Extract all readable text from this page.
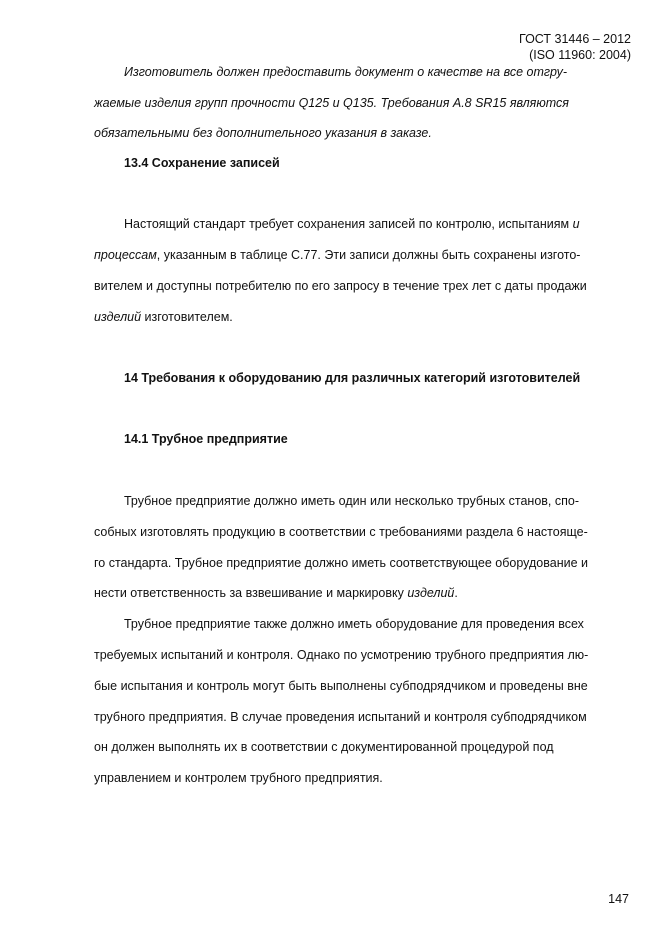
ГОСТ 31446 – 2012
(ISO 11960: 2004)
Изготовитель должен предоставить документ о качестве на все отгру-
жаемые изделия групп прочности Q125 и Q135. Требования A.8 SR15 являются
обязательными без дополнительного указания в заказе.
13.4 Сохранение записей
Настоящий стандарт требует сохранения записей по контролю, испытаниям и
процессам, указанным в таблице С.77. Эти записи должны быть сохранены изгото-
вителем и доступны потребителю по его запросу в течение трех лет с даты продажи
изделий изготовителем.
14 Требования к оборудованию для различных категорий изготовителей
14.1 Трубное предприятие
Трубное предприятие должно иметь один или несколько трубных станов, спо-
собных изготовлять продукцию в соответствии с требованиями раздела 6 настояще-
го стандарта. Трубное предприятие должно иметь соответствующее оборудование и
нести ответственность за взвешивание и маркировку изделий.
Трубное предприятие также должно иметь оборудование для проведения всех
требуемых испытаний и контроля. Однако по усмотрению трубного предприятия лю-
бые испытания и контроль могут быть выполнены субподрядчиком и проведены вне
трубного предприятия. В случае проведения испытаний и контроля субподрядчиком
он должен выполнять их в соответствии с документированной процедурой под
управлением и контролем трубного предприятия.
147
